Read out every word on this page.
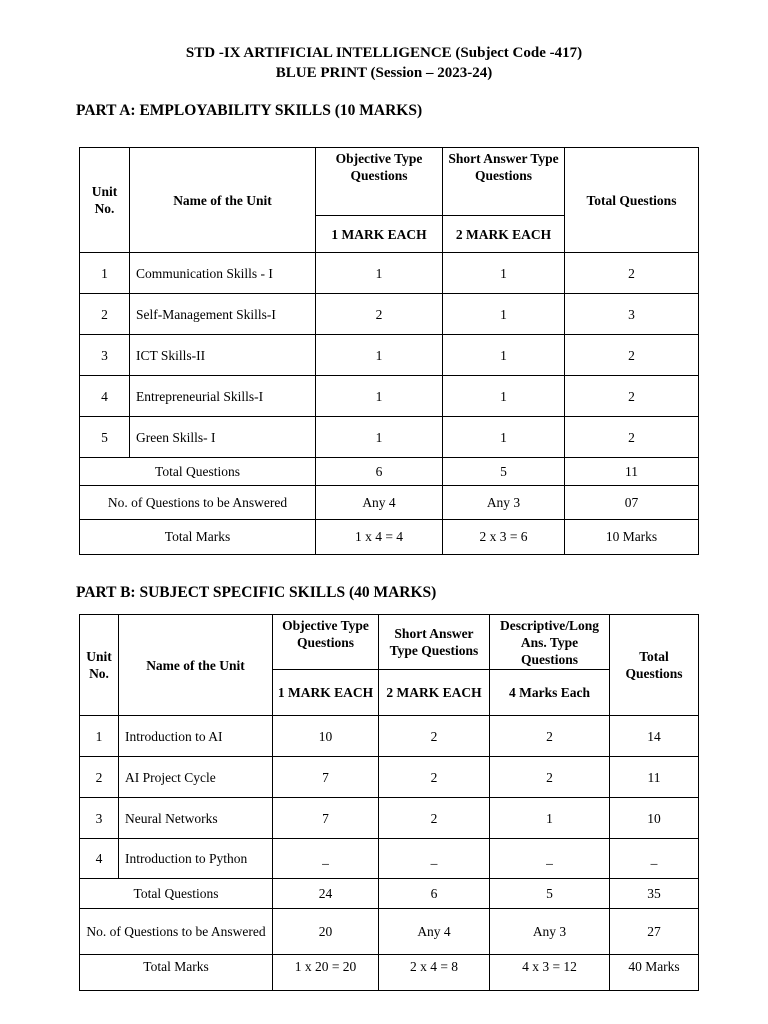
STD -IX ARTIFICIAL INTELLIGENCE (Subject Code -417)
BLUE PRINT (Session – 2023-24)
PART A: EMPLOYABILITY SKILLS (10 MARKS)
Unit No.	Name of the Unit	Objective Type Questions	Short Answer Type Questions	Total Questions
		1 MARK EACH	2 MARK EACH	
1	Communication Skills - I	1	1	2
2	Self-Management Skills-I	2	1	3
3	ICT Skills-II	1	1	2
4	Entrepreneurial Skills-I	1	1	2
5	Green Skills- I	1	1	2
Total Questions		6	5	11
No. of Questions to be Answered		Any 4	Any 3	07
Total Marks		1 x 4 = 4	2 x 3 = 6	10 Marks
PART B: SUBJECT SPECIFIC SKILLS (40 MARKS)
Unit No.	Name of the Unit	Objective Type Questions	Short Answer Type Questions	Descriptive/Long Ans. Type Questions	Total Questions
		1 MARK EACH	2 MARK EACH	4 Marks Each	
1	Introduction to AI	10	2	2	14
2	AI Project Cycle	7	2	2	11
3	Neural Networks	7	2	1	10
4	Introduction to Python	_	_	_	_
Total Questions		24	6	5	35
No. of Questions to be Answered		20	Any 4	Any 3	27
Total Marks		1 x 20 = 20	2 x 4 = 8	4 x 3 = 12	40 Marks
